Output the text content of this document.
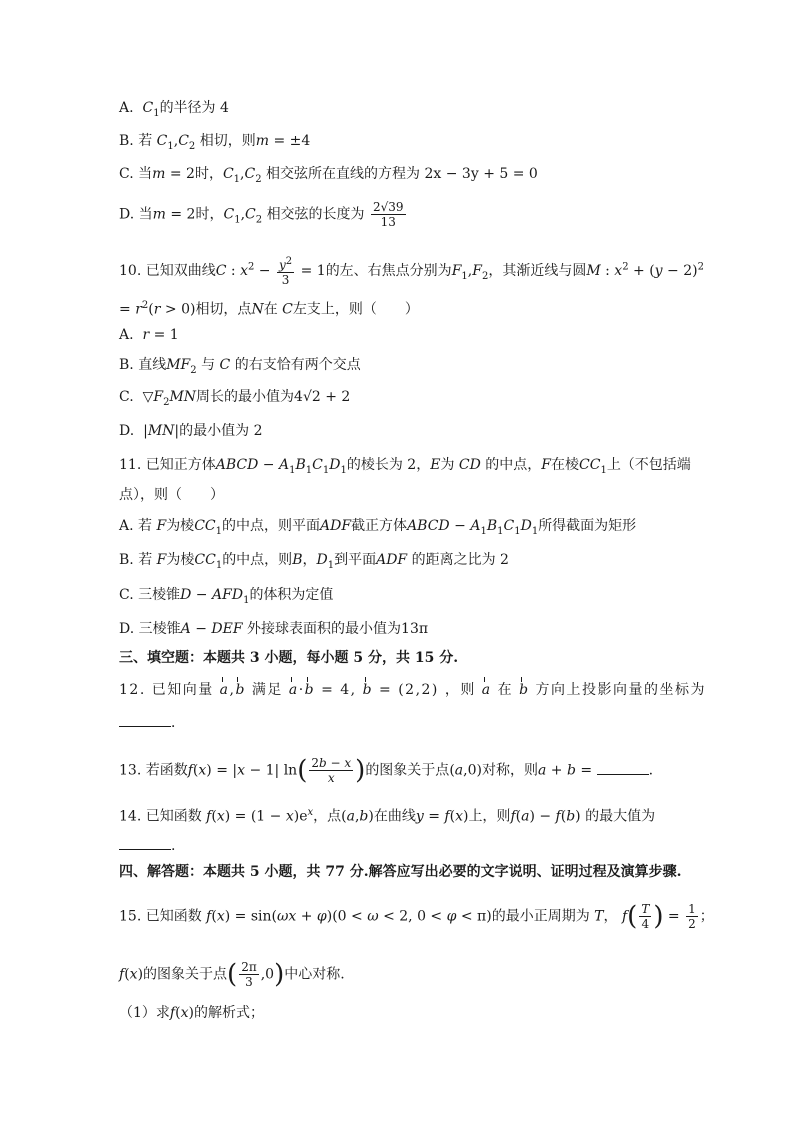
A. $C_1$的半径为 4
B. 若 $C_1,C_2$ 相切，则m = ±4
C. 当m = 2时，$C_1,C_2$ 相交弦所在直线的方程为 2x − 3y + 5 = 0
D. 当m = 2时，$C_1,C_2$ 相交弦的长度为 $\frac{2√39}{13}$
10. 已知双曲线C : $x^2 - \frac{y^2}{3} = 1$的左、右焦点分别为$F_1,F_2$，其渐近线与圆M : $x^2 + (y - 2)^2$
= $r^2(r > 0)$相切，点N在 C左支上，则（　　）
A. r = 1
B. 直线$MF_2$ 与 C 的右支恰有两个交点
C.  $▽F_2MN$周长的最小值为4√2 + 2
D.  |MN|的最小值为 2
11. 已知正方体ABCD − $A_1B_1C_1D_1$的棱长为 2，E为 CD 的中点，F在棱$CC_1$上（不包括端
点），则（　　）
A. 若 F为棱$CC_1$的中点，则平面ADF截正方体ABCD − $A_1B_1C_1D_1$所得截面为矩形
B. 若 F为棱$CC_1$的中点，则B，$D_1$到平面ADF 的距离之比为 2
C. 三棱锥$D - AFD_1$的体积为定值
D. 三棱锥A − DEF 外接球表面积的最小值为13π
三、填空题：本题共 3 小题，每小题 5 分，共 15 分.
12. 已知向量 a,b 满足 a·b = 4, b = (2,2) ，则 a 在 b 方向上投影向量的坐标为
．
13. 若函数f(x) = |x − 1| $\ln( \frac{2b - x}{x}$ )的图象关于点(a,0)对称，则a + b =	.
14. 已知函数 $f(x) = (1 - x)e^x$，点(a,b)在曲线y = f(x)上，则f(a) − f(b) 的最大值为
.
四、解答题：本题共 5 小题，共 77 分.解答应写出必要的文字说明、证明过程及演算步骤.
15. 已知函数 f(x) = sin(ωx + φ)(0 < ω < 2, 0 < φ < π)的最小正周期为 T， $f( \frac{T}{4}$ ) = $\frac{1}{2}$ ；
f(x)的图象关于点( $\frac{2\pi}{3} ,0$)中心对称.
（1）求f(x)的解析式；
